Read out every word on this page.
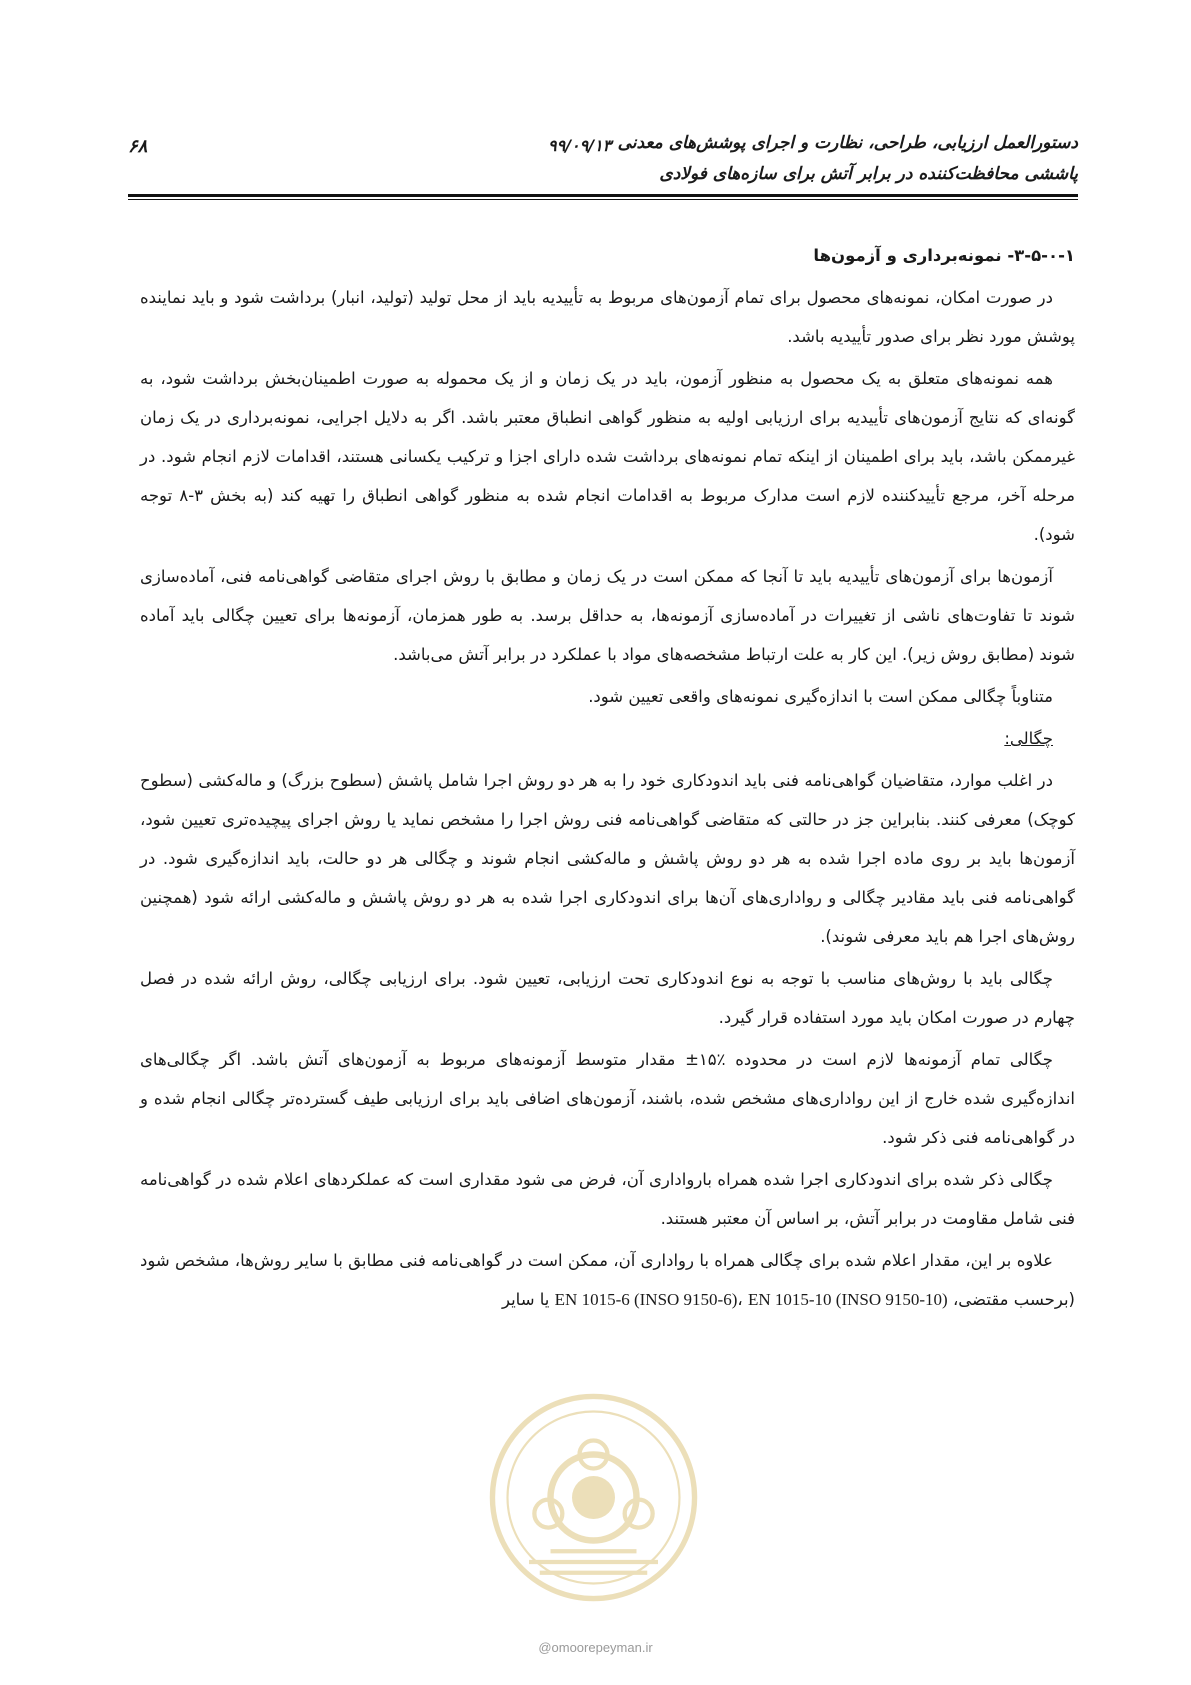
دستورالعمل ارزیابی، طراحی، نظارت و اجرای پوشش‌های معدنی
پاششی محافظت‌کننده در برابر آتش برای سازه‌های فولادی
۹۹/۰۹/۱۳
۶۸
۳-۵-۰-۱- نمونه‌برداری و آزمون‌ها

در صورت امکان، نمونه‌های محصول برای تمام آزمون‌های مربوط به تأییدیه باید از محل تولید (تولید، انبار) برداشت شود و باید نماینده پوشش مورد نظر برای صدور تأییدیه باشد.

همه نمونه‌های متعلق به یک محصول به منظور آزمون، باید در یک زمان و از یک محموله به صورت اطمینان‌بخش برداشت شود، به گونه‌ای که نتایج آزمون‌های تأییدیه برای ارزیابی اولیه به منظور گواهی انطباق معتبر باشد. اگر به دلایل اجرایی، نمونه‌برداری در یک زمان غیرممکن باشد، باید برای اطمینان از اینکه تمام نمونه‌های برداشت شده دارای اجزا و ترکیب یکسانی هستند، اقدامات لازم انجام شود. در مرحله آخر، مرجع تأییدکننده لازم است مدارک مربوط به اقدامات انجام شده به منظور گواهی انطباق را تهیه کند (به بخش ۳-۸ توجه شود).

آزمون‌ها برای آزمون‌های تأییدیه باید تا آنجا که ممکن است در یک زمان و مطابق با روش اجرای متقاضی گواهی‌نامه فنی، آماده‌سازی شوند تا تفاوت‌های ناشی از تغییرات در آماده‌سازی آزمونه‌ها، به حداقل برسد. به طور همزمان، آزمونه‌ها برای تعیین چگالی باید آماده شوند (مطابق روش زیر). این کار به علت ارتباط مشخصه‌های مواد با عملکرد در برابر آتش می‌باشد.

متناوباً چگالی ممکن است با اندازه‌گیری نمونه‌های واقعی تعیین شود.

چگالی:

در اغلب موارد، متقاضیان گواهی‌نامه فنی باید اندودکاری خود را به هر دو روش اجرا شامل پاشش (سطوح بزرگ) و ماله‌کشی (سطوح کوچک) معرفی کنند. بنابراین جز در حالتی که متقاضی گواهی‌نامه فنی روش اجرا را مشخص نماید یا روش اجرای پیچیده‌تری تعیین شود، آزمون‌ها باید بر روی ماده اجرا شده به هر دو روش پاشش و ماله‌کشی انجام شوند و چگالی هر دو حالت، باید اندازه‌گیری شود. در گواهی‌نامه فنی باید مقادیر چگالی و رواداری‌های آن‌ها برای اندودکاری اجرا شده به هر دو روش پاشش و ماله‌کشی ارائه شود (همچنین روش‌های اجرا هم باید معرفی شوند).

چگالی باید با روش‌های مناسب با توجه به نوع اندودکاری تحت ارزیابی، تعیین شود. برای ارزیابی چگالی، روش ارائه شده در فصل چهارم در صورت امکان باید مورد استفاده قرار گیرد.

چگالی تمام آزمونه‌ها لازم است در محدوده ٪۱۵± مقدار متوسط آزمونه‌های مربوط به آزمون‌های آتش باشد. اگر چگالی‌های اندازه‌گیری شده خارج از این رواداری‌های مشخص شده، باشند، آزمون‌های اضافی باید برای ارزیابی طیف گسترده‌تر چگالی انجام شده و در گواهی‌نامه فنی ذکر شود.

چگالی ذکر شده برای اندودکاری اجرا شده همراه بارواداری آن، فرض می شود مقداری است که عملکردهای اعلام شده در گواهی‌نامه فنی شامل مقاومت در برابر آتش، بر اساس آن معتبر هستند.

علاوه بر این، مقدار اعلام شده برای چگالی همراه با رواداری آن، ممکن است در گواهی‌نامه فنی مطابق با سایر روش‌ها، مشخص شود (برحسب مقتضی، EN 1015-6 (INSO 9150-6)، EN 1015-10 (INSO 9150-10) یا سایر

@omoorepeyman.ir
